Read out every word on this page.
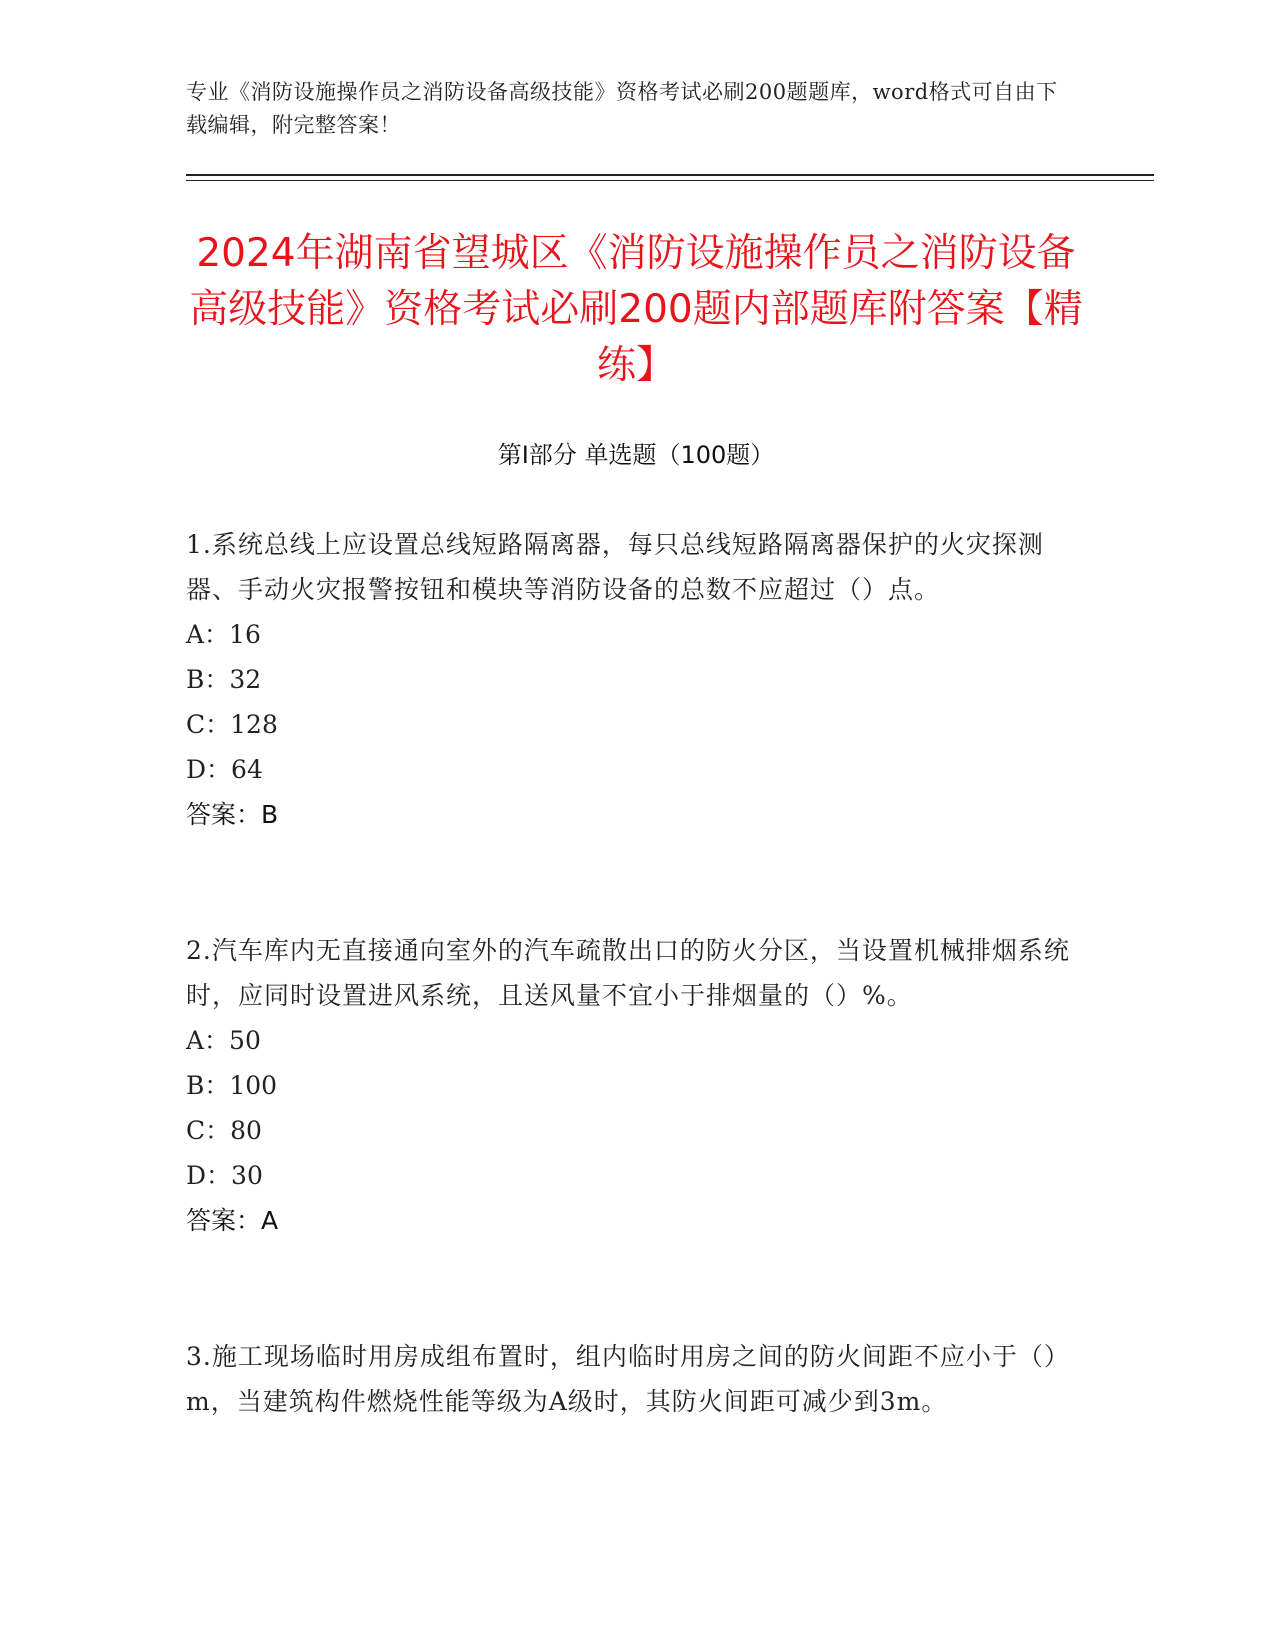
专业《消防设施操作员之消防设备高级技能》资格考试必刷200题题库，word格式可自由下载编辑，附完整答案！
2024年湖南省望城区《消防设施操作员之消防设备高级技能》资格考试必刷200题内部题库附答案【精练】
第I部分 单选题（100题）
1.系统总线上应设置总线短路隔离器，每只总线短路隔离器保护的火灾探测器、手动火灾报警按钮和模块等消防设备的总数不应超过（）点。
A：16
B：32
C：128
D：64
答案：B
2.汽车库内无直接通向室外的汽车疏散出口的防火分区，当设置机械排烟系统时，应同时设置进风系统，且送风量不宜小于排烟量的（）%。
A：50
B：100
C：80
D：30
答案：A
3.施工现场临时用房成组布置时，组内临时用房之间的防火间距不应小于（）m，当建筑构件燃烧性能等级为A级时，其防火间距可减少到3m。
